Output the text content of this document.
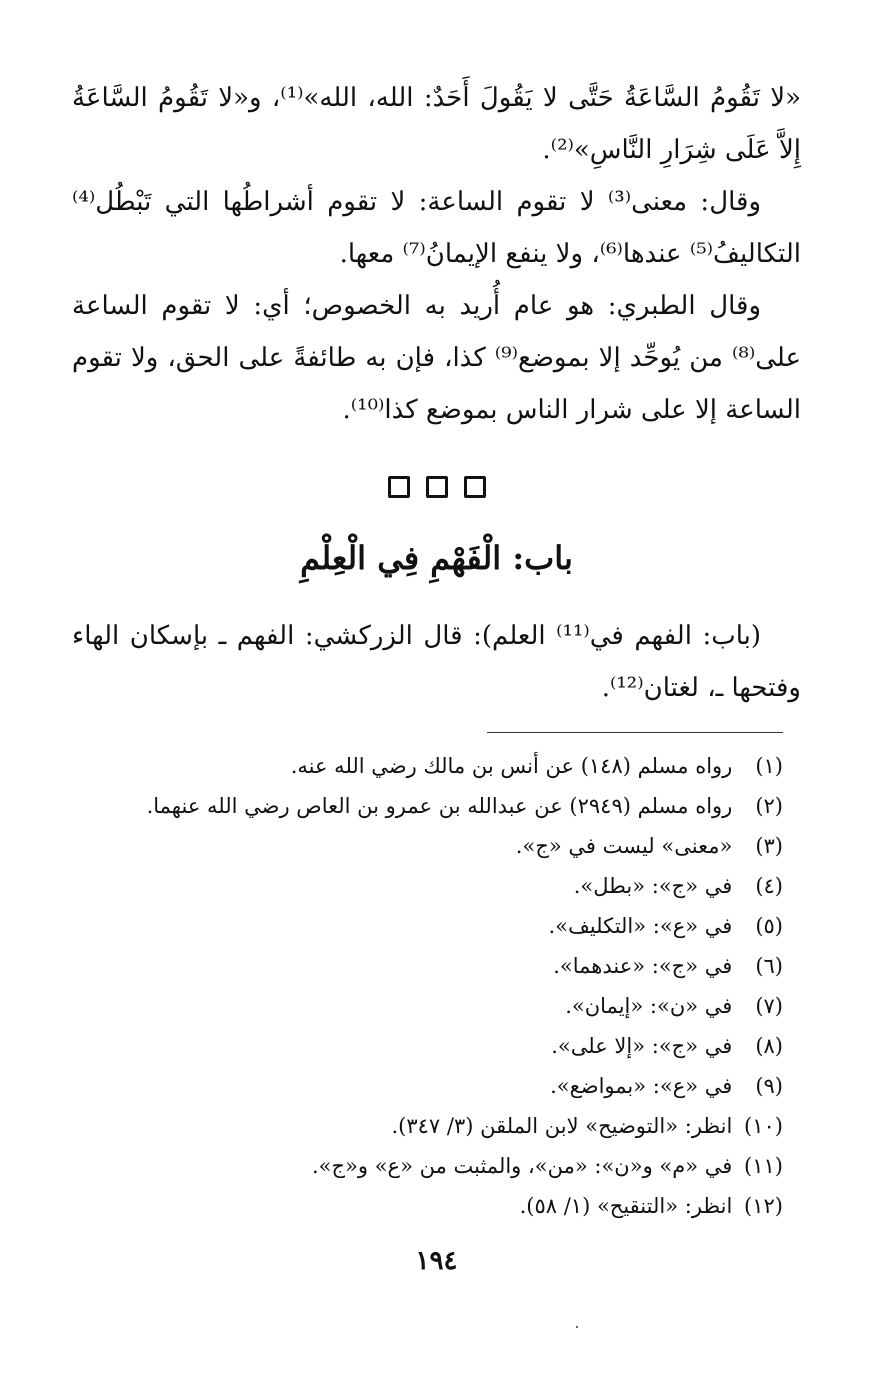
«لا تَقُومُ السَّاعَةُ حَتَّى لا يَقُولَ أَحَدٌ: الله، الله»⁽¹⁾، و«لا تَقُومُ السَّاعَةُ إِلاَّ عَلَى شِرَارِ النَّاسِ»⁽²⁾.

وقال: معنى⁽³⁾ لا تقوم الساعة: لا تقوم أشراطُها التي تَبْطُل⁽⁴⁾ التكاليفُ⁽⁵⁾ عندها⁽⁶⁾، ولا ينفع الإيمانُ⁽⁷⁾ معها.

وقال الطبري: هو عام أُريد به الخصوص؛ أي: لا تقوم الساعة على⁽⁸⁾ من يُوحِّد إلا بموضع⁽⁹⁾ كذا، فإن به طائفةً على الحق، ولا تقوم الساعة إلا على شرار الناس بموضع كذا⁽¹⁰⁾.

باب: الْفَهْمِ فِي الْعِلْمِ
(باب: الفهم في⁽¹¹⁾ العلم): قال الزركشي: الفهم ـ بإسكان الهاء وفتحها ـ، لغتان⁽¹²⁾.

(١) رواه مسلم (١٤٨) عن أنس بن مالك رضي الله عنه.

(٢) رواه مسلم (٢٩٤٩) عن عبدالله بن عمرو بن العاص رضي الله عنهما.

(٣) «معنى» ليست في «ج».

(٤) في «ج»: «بطل».

(٥) في «ع»: «التكليف».

(٦) في «ج»: «عندهما».

(٧) في «ن»: «إيمان».

(٨) في «ج»: «إلا على».

(٩) في «ع»: «بمواضع».

(١٠) انظر: «التوضيح» لابن الملقن (٣/ ٣٤٧).

(١١) في «م» و«ن»: «من»، والمثبت من «ع» و«ج».

(١٢) انظر: «التنقيح» (١/ ٥٨).

١٩٤
